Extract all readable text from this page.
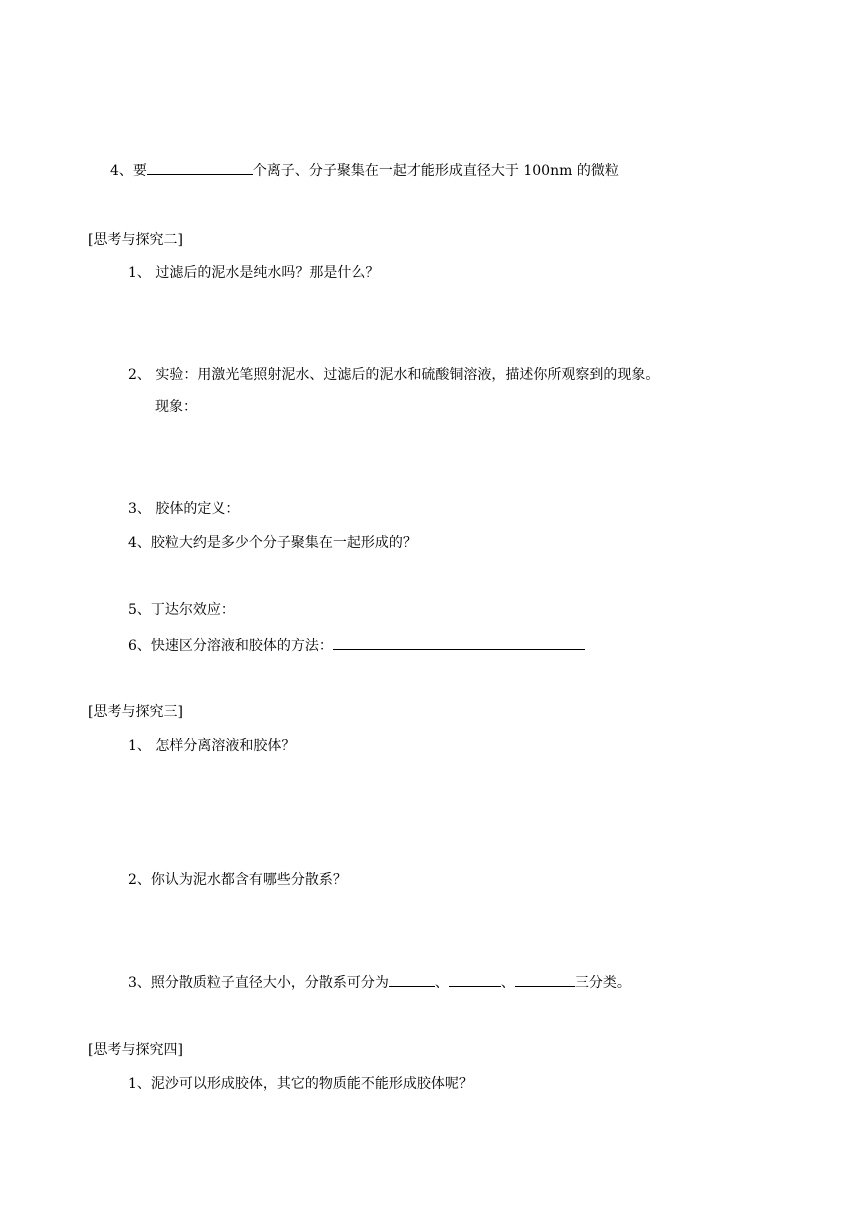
4、要	个离子、分子聚集在一起才能形成直径大于 100nm 的微粒
[思考与探究二]
1、 过滤后的泥水是纯水吗？那是什么？
2、 实验：用激光笔照射泥水、过滤后的泥水和硫酸铜溶液，描述你所观察到的现象。
现象：
3、 胶体的定义：
4、胶粒大约是多少个分子聚集在一起形成的？
5、丁达尔效应：
6、快速区分溶液和胶体的方法：
[思考与探究三]
1、 怎样分离溶液和胶体？
2、你认为泥水都含有哪些分散系？
3、照分散质粒子直径大小，分散系可分为	、	、	三分类。
[思考与探究四]
1、泥沙可以形成胶体，其它的物质能不能形成胶体呢？
